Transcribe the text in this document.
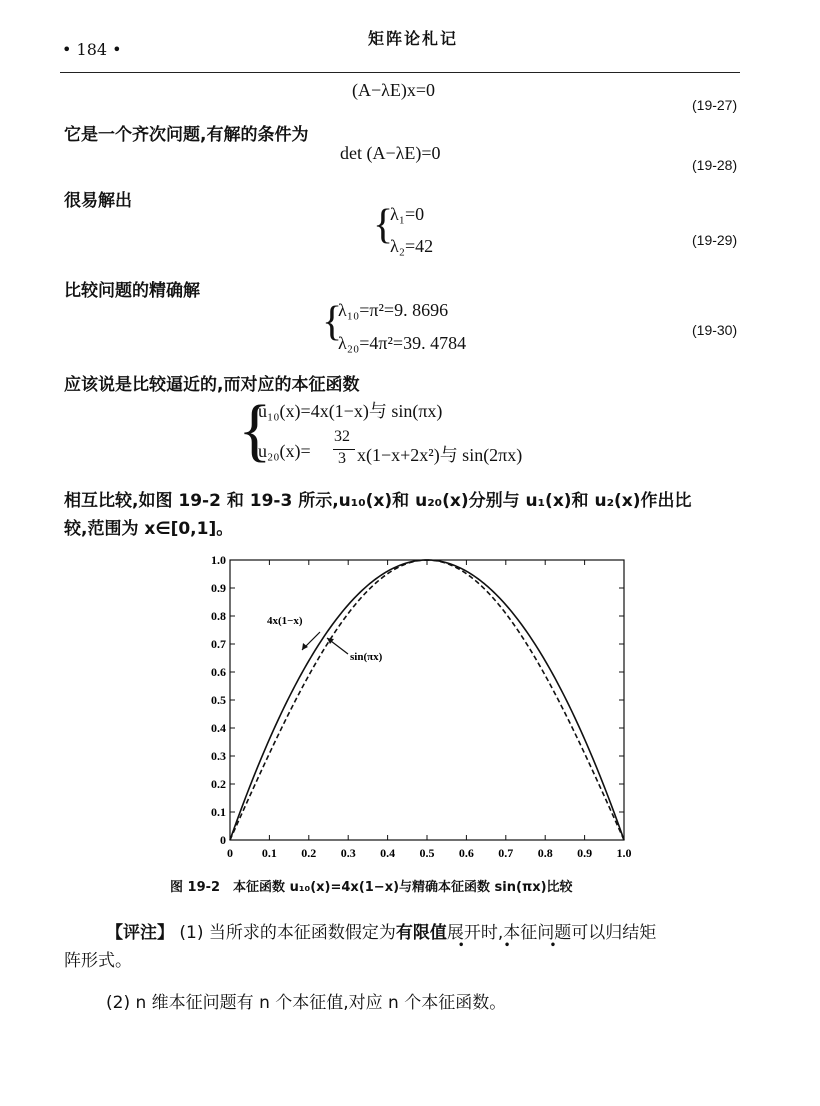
• 184 •
矩阵论札记
(A−λE)x=0
(19-27)
它是一个齐次问题,有解的条件为
det (A−λE)=0
(19-28)
很易解出
{
λ₁=0
λ₂=42	(19-29)
比较问题的精确解
{
λ₁₀=π²=9. 8696
λ₂₀=4π²=39. 4784
(19-30)
应该说是比较逼近的,而对应的本征函数
{
u₁₀(x)=4x(1−x)与 sin(πx)
u₂₀(x)=
32
3 x(1−x+2x²)与 sin(2πx)
相互比较,如图 19-2 和 19-3 所示,u₁₀(x)和 u₂₀(x)分别与 u₁(x)和 u₂(x)作出比
较,范围为 x∈[0,1]。
0 0.1 0.2 0.3 0.4 0.5 0.6 0.7 0.8 0.9 1.0
0
0.1
0.2
0.3
0.4
0.5
0.6
0.7
0.8
0.9
1.0
4x(1−x)
sin(πx)
图 19-2　本征函数 u₁₀(x)=4x(1−x)与精确本征函数 sin(πx)比较
【评注】 (1) 当所求的本征函数假定为有限值展开时,本征问题可以归结矩
• • •
阵形式。
(2) n 维本征问题有 n 个本征值,对应 n 个本征函数。
